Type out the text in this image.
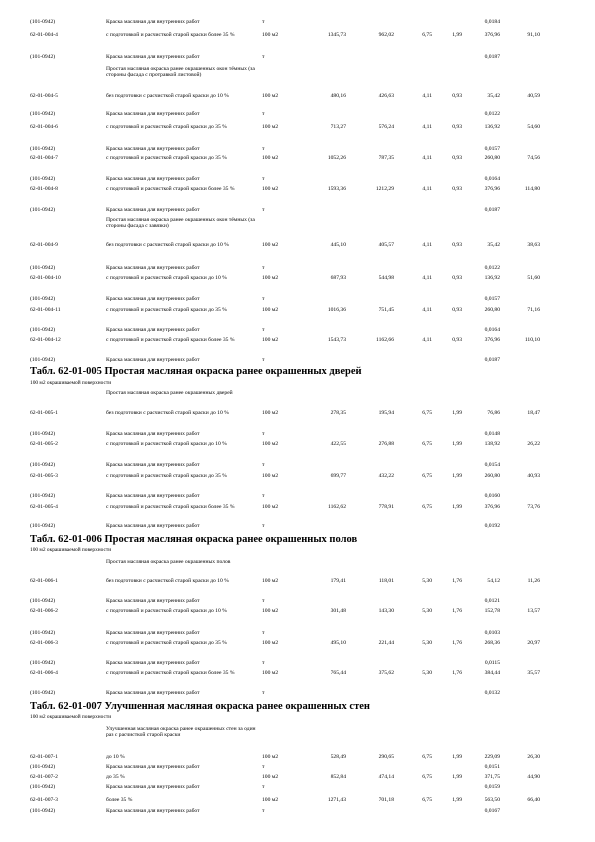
(101-0942)	Краска масляная для внутренних работ	т	0,0184
62-01-004-4	с подготовкой и расчисткой старой краски более 35 %	100 м2	1345,73	962,02	6,75	1,99	376,96	91,10
(101-0942)	Краска масляная для внутренних работ	т	0,0187
Простая масляная окраска ранее окрашенных окон тёмных (за стороны фасада с протравкой листовой)
62-01-004-5	без подготовки с расчисткой старой краски до 10 %	100 м2	480,16	426,63	4,11	0,93	35,42	40,59
(101-0942)	Краска масляная для внутренних работ	т	0,0122
62-01-004-6	с подготовкой и расчисткой старой краски до 35 %	100 м2	713,27	576,24	4,11	0,93	136,92	54,60
(101-0942)	Краска масляная для внутренних работ	т	0,0157
62-01-004-7	с подготовкой и расчисткой старой краски до 35 %	100 м2	1052,26	787,35	4,11	0,93	260,80	74,56
(101-0942)	Краска масляная для внутренних работ	т	0,0164
62-01-004-8	с подготовкой и расчисткой старой краски более 35 %	100 м2	1593,36	1212,29	4,11	0,93	376,96	114,80
(101-0942)	Краска масляная для внутренних работ	т	0,0187
Простая масляная окраска ранее окрашенных окон тёмных (за стороны фасада с завязки)
62-01-004-9	без подготовки с расчисткой старой краски до 10 %	100 м2	445,10	405,57	4,11	0,93	35,42	38,63
(101-0942)	Краска масляная для внутренних работ	т	0,0122
62-01-004-10	с подготовкой и расчисткой старой краски до 10 %	100 м2	687,93	544,98	4,11	0,93	136,92	51,60
(101-0942)	Краска масляная для внутренних работ	т	0,0157
62-01-004-11	с подготовкой и расчисткой старой краски до 35 %	100 м2	1016,36	751,45	4,11	0,93	260,80	71,16
(101-0942)	Краска масляная для внутренних работ	т	0,0164
62-01-004-12	с подготовкой и расчисткой старой краски более 35 %	100 м2	1543,73	1162,66	4,11	0,93	376,96	110,10
(101-0942)	Краска масляная для внутренних работ	т	0,0187
Табл. 62-01-005 Простая масляная окраска ранее окрашенных дверей
100 м2 окрашиваемой поверхности
Простая масляная окраска ранее окрашенных дверей
62-01-005-1	без подготовки с расчисткой старой краски до 10 %	100 м2	278,35	195,94	6,75	1,99	76,86	18,47
(101-0942)	Краска масляная для внутренних работ	т	0,0148
62-01-005-2	с подготовкой и расчисткой старой краски до 10 %	100 м2	422,55	276,88	6,75	1,99	138,92	26,22
(101-0942)	Краска масляная для внутренних работ	т	0,0154
62-01-005-3	с подготовкой и расчисткой старой краски до 35 %	100 м2	699,77	432,22	6,75	1,99	260,80	40,93
(101-0942)	Краска масляная для внутренних работ	т	0,0160
62-01-005-4	с подготовкой и расчисткой старой краски более 35 %	100 м2	1162,62	778,91	6,75	1,99	376,96	73,76
(101-0942)	Краска масляная для внутренних работ	т	0,0192
Табл. 62-01-006 Простая масляная окраска ранее окрашенных полов
100 м2 окрашиваемой поверхности
Простая масляная окраска ранее окрашенных полов
62-01-006-1	без подготовки с расчисткой старой краски до 10 %	100 м2	179,41	118,01	5,30	1,76	54,12	11,26
(101-0942)	Краска масляная для внутренних работ	т	0,0121
62-01-006-2	с подготовкой и расчисткой старой краски до 10 %	100 м2	301,48	143,30	5,30	1,76	152,78	13,57
(101-0942)	Краска масляная для внутренних работ	т	0,0103
62-01-006-3	с подготовкой и расчисткой старой краски до 35 %	100 м2	495,10	221,44	5,30	1,76	268,36	20,97
(101-0942)	Краска масляная для внутренних работ	т	0,0115
62-01-006-4	с подготовкой и расчисткой старой краски более 35 %	100 м2	765,44	375,62	5,30	1,76	384,44	35,57
(101-0942)	Краска масляная для внутренних работ	т	0,0132
Табл. 62-01-007 Улучшенная масляная окраска ранее окрашенных стен
100 м2 окрашиваемой поверхности
Улучшенная масляная окраска ранее окрашенных стен за один раз с расчисткой старой краски
62-01-007-1	до 10 %	100 м2	528,49	290,65	6,75	1,99	229,09	26,30
(101-0942)	Краска масляная для внутренних работ	т	0,0151
62-01-007-2	до 35 %	100 м2	852,84	474,14	6,75	1,99	371,75	44,90
(101-0942)	Краска масляная для внутренних работ	т	0,0159
62-01-007-3	более 35 %	100 м2	1271,43	701,18	6,75	1,99	563,50	66,40
(101-0942)	Краска масляная для внутренних работ	т	0,0167
